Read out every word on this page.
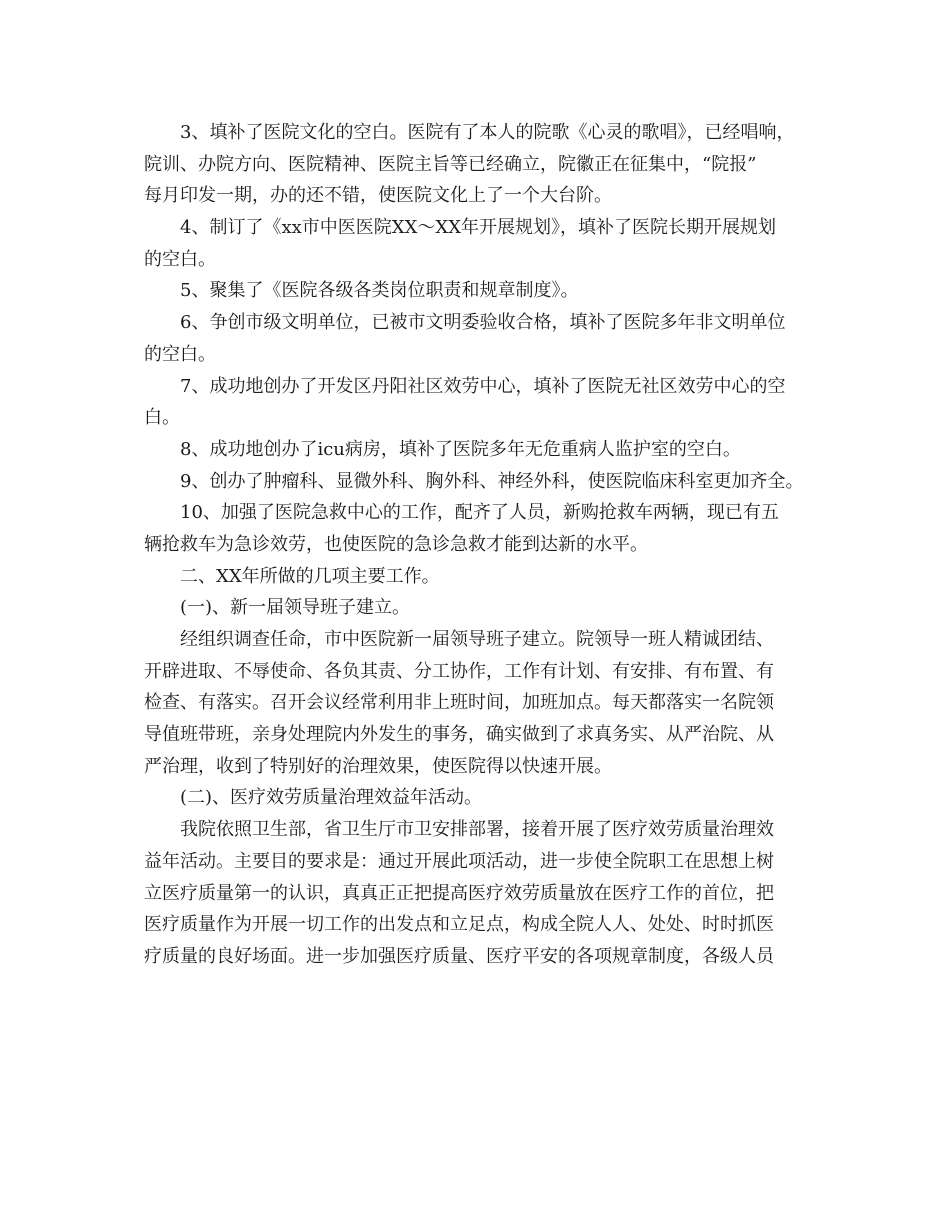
3、填补了医院文化的空白。医院有了本人的院歌《心灵的歌唱》，已经唱响，
院训、办院方向、医院精神、医院主旨等已经确立，院徽正在征集中，“院报”
每月印发一期，办的还不错，使医院文化上了一个大台阶。
4、制订了《xx市中医医院XX～XX年开展规划》，填补了医院长期开展规划
的空白。
5、聚集了《医院各级各类岗位职责和规章制度》。
6、争创市级文明单位，已被市文明委验收合格，填补了医院多年非文明单位
的空白。
7、成功地创办了开发区丹阳社区效劳中心，填补了医院无社区效劳中心的空
白。
8、成功地创办了icu病房，填补了医院多年无危重病人监护室的空白。
9、创办了肿瘤科、显微外科、胸外科、神经外科，使医院临床科室更加齐全。
10、加强了医院急救中心的工作，配齐了人员，新购抢救车两辆，现已有五
辆抢救车为急诊效劳，也使医院的急诊急救才能到达新的水平。
二、XX年所做的几项主要工作。
(一)、新一届领导班子建立。
经组织调查任命，市中医院新一届领导班子建立。院领导一班人精诚团结、
开辟进取、不辱使命、各负其责、分工协作，工作有计划、有安排、有布置、有
检查、有落实。召开会议经常利用非上班时间，加班加点。每天都落实一名院领
导值班带班，亲身处理院内外发生的事务，确实做到了求真务实、从严治院、从
严治理，收到了特别好的治理效果，使医院得以快速开展。
(二)、医疗效劳质量治理效益年活动。
我院依照卫生部，省卫生厅市卫安排部署，接着开展了医疗效劳质量治理效
益年活动。主要目的要求是：通过开展此项活动，进一步使全院职工在思想上树
立医疗质量第一的认识，真真正正把提高医疗效劳质量放在医疗工作的首位，把
医疗质量作为开展一切工作的出发点和立足点，构成全院人人、处处、时时抓医
疗质量的良好场面。进一步加强医疗质量、医疗平安的各项规章制度，各级人员
